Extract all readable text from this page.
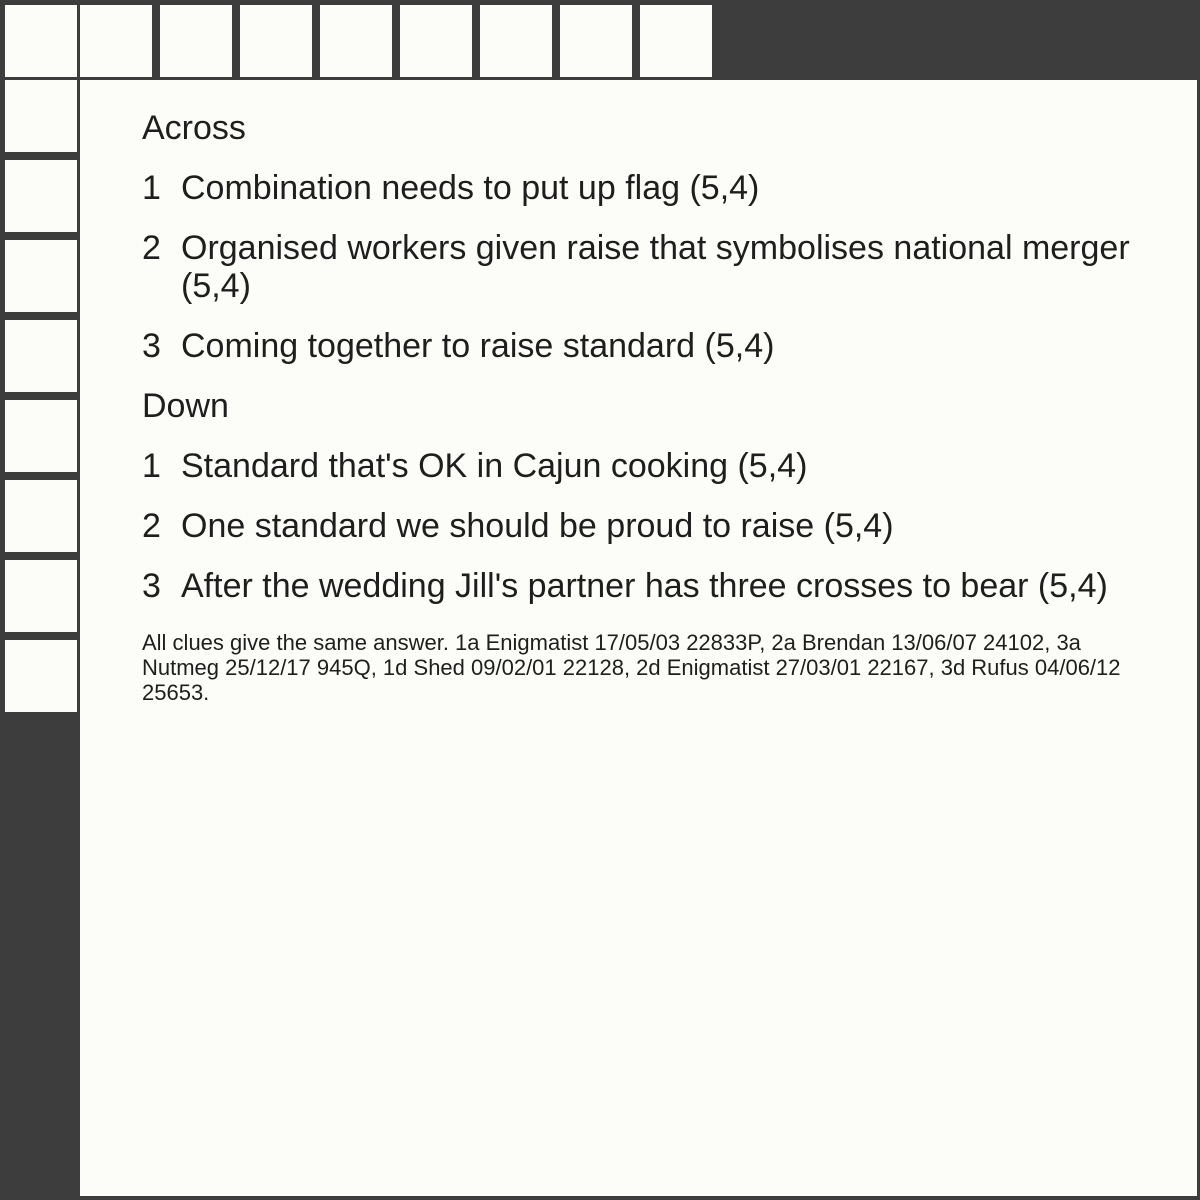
Across
1 Combination needs to put up flag (5,4)
2 Organised workers given raise that symbolises national merger (5,4)
3 Coming together to raise standard (5,4)
Down
1 Standard that's OK in Cajun cooking (5,4)
2 One standard we should be proud to raise (5,4)
3 After the wedding Jill's partner has three crosses to bear (5,4)

All clues give the same answer. 1a Enigmatist 17/05/03 22833P, 2a Brendan 13/06/07 24102, 3a Nutmeg 25/12/17 945Q, 1d Shed 09/02/01 22128, 2d Enigmatist 27/03/01 22167, 3d Rufus 04/06/12 25653.
